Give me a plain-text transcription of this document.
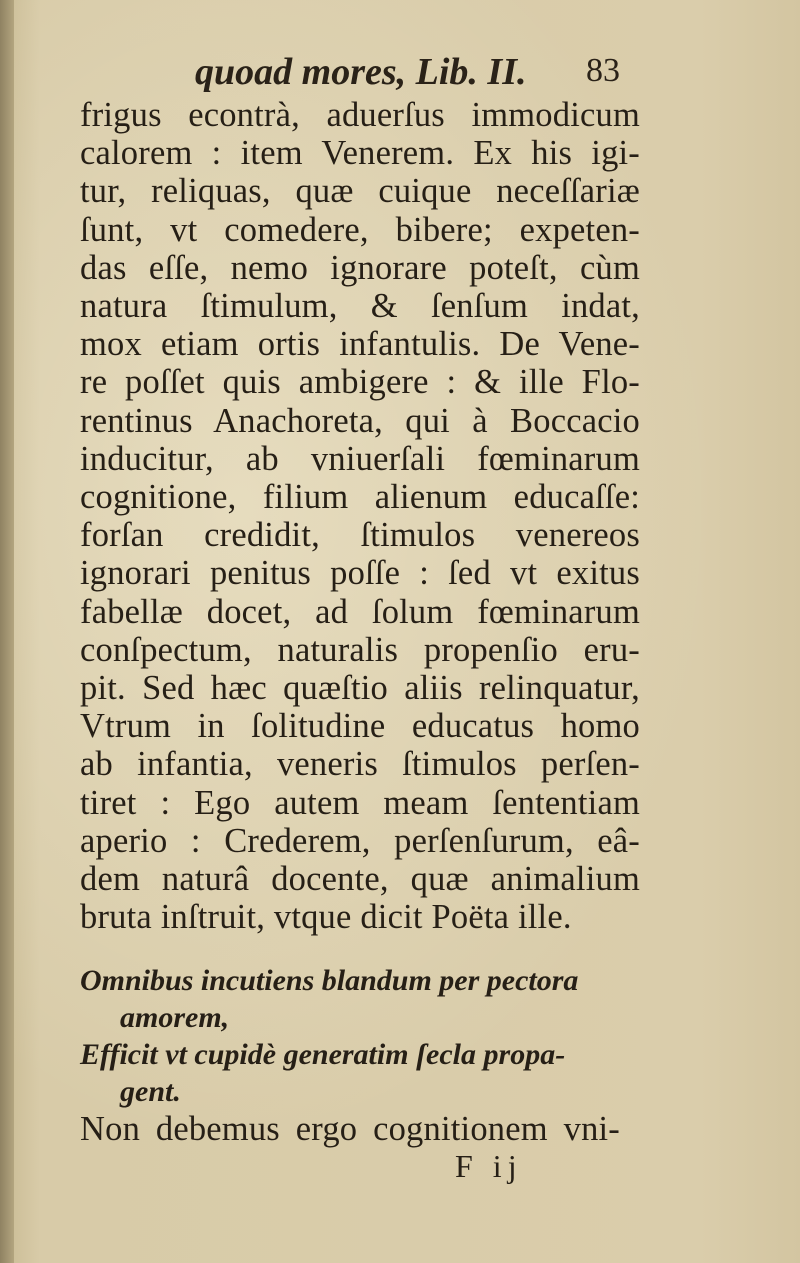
quoad mores, Lib. II. 83
frigus econtrà, aduerſus immodicum
calorem : item Venerem. Ex his igi-
tur, reliquas, quæ cuique neceſſariæ
ſunt, vt comedere, bibere; expeten-
das eſſe, nemo ignorare poteſt, cùm
natura ſtimulum, & ſenſum indat,
mox etiam ortis infantulis. De Vene-
re poſſet quis ambigere : & ille Flo-
rentinus Anachoreta, qui à Boccacio
inducitur, ab vniuerſali fœminarum
cognitione, filium alienum educaſſe:
forſan credidit, ſtimulos venereos
ignorari penitus poſſe : ſed vt exitus
fabellæ docet, ad ſolum fœminarum
conſpectum, naturalis propenſio eru-
pit. Sed hæc quæſtio aliis relinquatur,
Vtrum in ſolitudine educatus homo
ab infantia, veneris ſtimulos perſen-
tiret : Ego autem meam ſententiam
aperio : Crederem, perſenſurum, eâ-
dem naturâ docente, quæ animalium
bruta inſtruit, vtque dicit Poëta ille.
Omnibus incutiens blandum per pectora
amorem,
Efficit vt cupidè generatim ſecla propa-
gent.
Non debemus ergo cognitionem vni-
F ij
